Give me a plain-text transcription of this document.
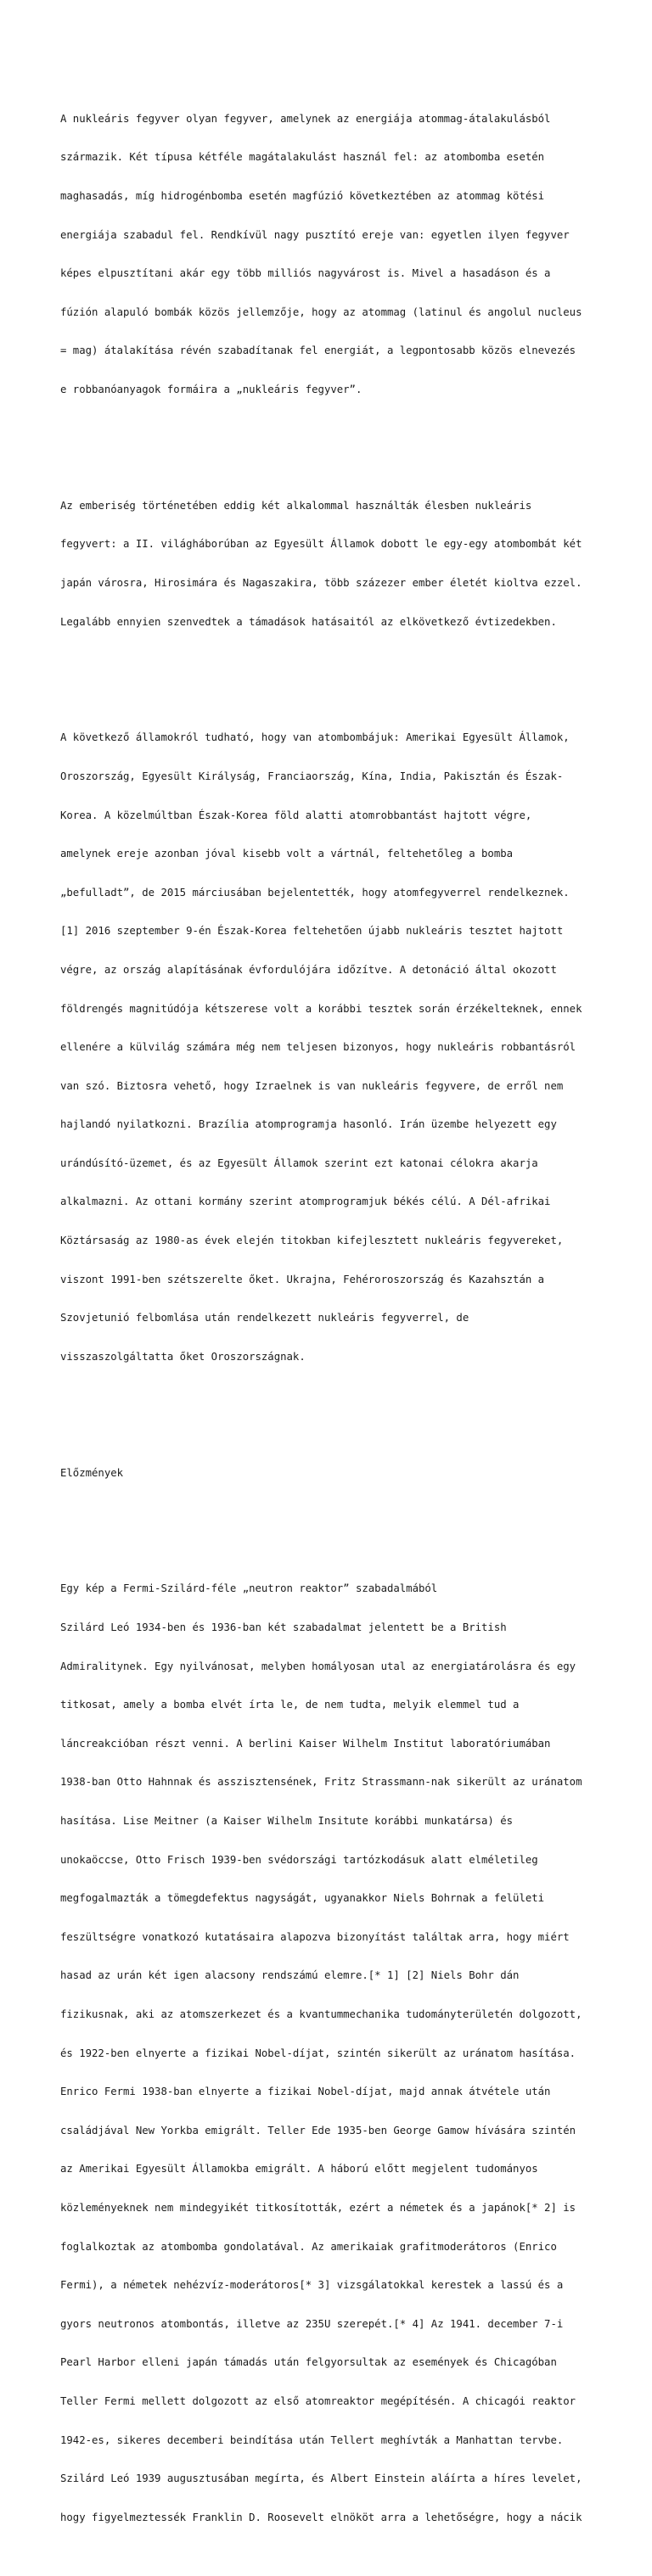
A nukleáris fegyver olyan fegyver, amelynek az energiája atommag-átalakulásból

származik. Két típusa kétféle magátalakulást használ fel: az atombomba esetén

maghasadás, míg hidrogénbomba esetén magfúzió következtében az atommag kötési

energiája szabadul fel. Rendkívül nagy pusztító ereje van: egyetlen ilyen fegyver

képes elpusztítani akár egy több milliós nagyvárost is. Mivel a hasadáson és a

fúzión alapuló bombák közös jellemzője, hogy az atommag (latinul és angolul nucleus

= mag) átalakítása révén szabadítanak fel energiát, a legpontosabb közös elnevezés

e robbanóanyagok formáira a „nukleáris fegyver”.

Az emberiség történetében eddig két alkalommal használták élesben nukleáris

fegyvert: a II. világháborúban az Egyesült Államok dobott le egy-egy atombombát két

japán városra, Hirosimára és Nagaszakira, több százezer ember életét kioltva ezzel.

Legalább ennyien szenvedtek a támadások hatásaitól az elkövetkező évtizedekben.

A következő államokról tudható, hogy van atombombájuk: Amerikai Egyesült Államok,

Oroszország, Egyesült Királyság, Franciaország, Kína, India, Pakisztán és Észak-

Korea. A közelmúltban Észak-Korea föld alatti atomrobbantást hajtott végre,

amelynek ereje azonban jóval kisebb volt a vártnál, feltehetőleg a bomba

„befulladt”, de 2015 márciusában bejelentették, hogy atomfegyverrel rendelkeznek.

[1] 2016 szeptember 9-én Észak-Korea feltehetően újabb nukleáris tesztet hajtott

végre, az ország alapításának évfordulójára időzítve. A detonáció által okozott

földrengés magnitúdója kétszerese volt a korábbi tesztek során érzékelteknek, ennek

ellenére a külvilág számára még nem teljesen bizonyos, hogy nukleáris robbantásról

van szó. Biztosra vehető, hogy Izraelnek is van nukleáris fegyvere, de erről nem

hajlandó nyilatkozni. Brazília atomprogramja hasonló. Irán üzembe helyezett egy

urándúsító-üzemet, és az Egyesült Államok szerint ezt katonai célokra akarja

alkalmazni. Az ottani kormány szerint atomprogramjuk békés célú. A Dél-afrikai

Köztársaság az 1980-as évek elején titokban kifejlesztett nukleáris fegyvereket,

viszont 1991-ben szétszerelte őket. Ukrajna, Fehéroroszország és Kazahsztán a

Szovjetunió felbomlása után rendelkezett nukleáris fegyverrel, de

visszaszolgáltatta őket Oroszországnak.

Előzmények

Egy kép a Fermi-Szilárd-féle „neutron reaktor” szabadalmából

Szilárd Leó 1934-ben és 1936-ban két szabadalmat jelentett be a British

Admiralitynek. Egy nyilvánosat, melyben homályosan utal az energiatárolásra és egy

titkosat, amely a bomba elvét írta le, de nem tudta, melyik elemmel tud a

láncreakcióban részt venni. A berlini Kaiser Wilhelm Institut laboratóriumában

1938-ban Otto Hahnnak és asszisztensének, Fritz Strassmann-nak sikerült az uránatom

hasítása. Lise Meitner (a Kaiser Wilhelm Insitute korábbi munkatársa) és

unokaöccse, Otto Frisch 1939-ben svédországi tartózkodásuk alatt elméletileg

megfogalmazták a tömegdefektus nagyságát, ugyanakkor Niels Bohrnak a felületi

feszültségre vonatkozó kutatásaira alapozva bizonyítást találtak arra, hogy miért

hasad az urán két igen alacsony rendszámú elemre.[* 1] [2] Niels Bohr dán

fizikusnak, aki az atomszerkezet és a kvantummechanika tudományterületén dolgozott,

és 1922-ben elnyerte a fizikai Nobel-díjat, szintén sikerült az uránatom hasítása.

Enrico Fermi 1938-ban elnyerte a fizikai Nobel-díjat, majd annak átvétele után

családjával New Yorkba emigrált. Teller Ede 1935-ben George Gamow hívására szintén

az Amerikai Egyesült Államokba emigrált. A háború előtt megjelent tudományos

közleményeknek nem mindegyikét titkosították, ezért a németek és a japánok[* 2] is

foglalkoztak az atombomba gondolatával. Az amerikaiak grafitmoderátoros (Enrico

Fermi), a németek nehézvíz-moderátoros[* 3] vizsgálatokkal kerestek a lassú és a

gyors neutronos atombontás, illetve az 235U szerepét.[* 4] Az 1941. december 7-i

Pearl Harbor elleni japán támadás után felgyorsultak az események és Chicagóban

Teller Fermi mellett dolgozott az első atomreaktor megépítésén. A chicagói reaktor

1942-es, sikeres decemberi beindítása után Tellert meghívták a Manhattan tervbe.

Szilárd Leó 1939 augusztusában megírta, és Albert Einstein aláírta a híres levelet,

hogy figyelmeztessék Franklin D. Roosevelt elnököt arra a lehetőségre, hogy a nácik
